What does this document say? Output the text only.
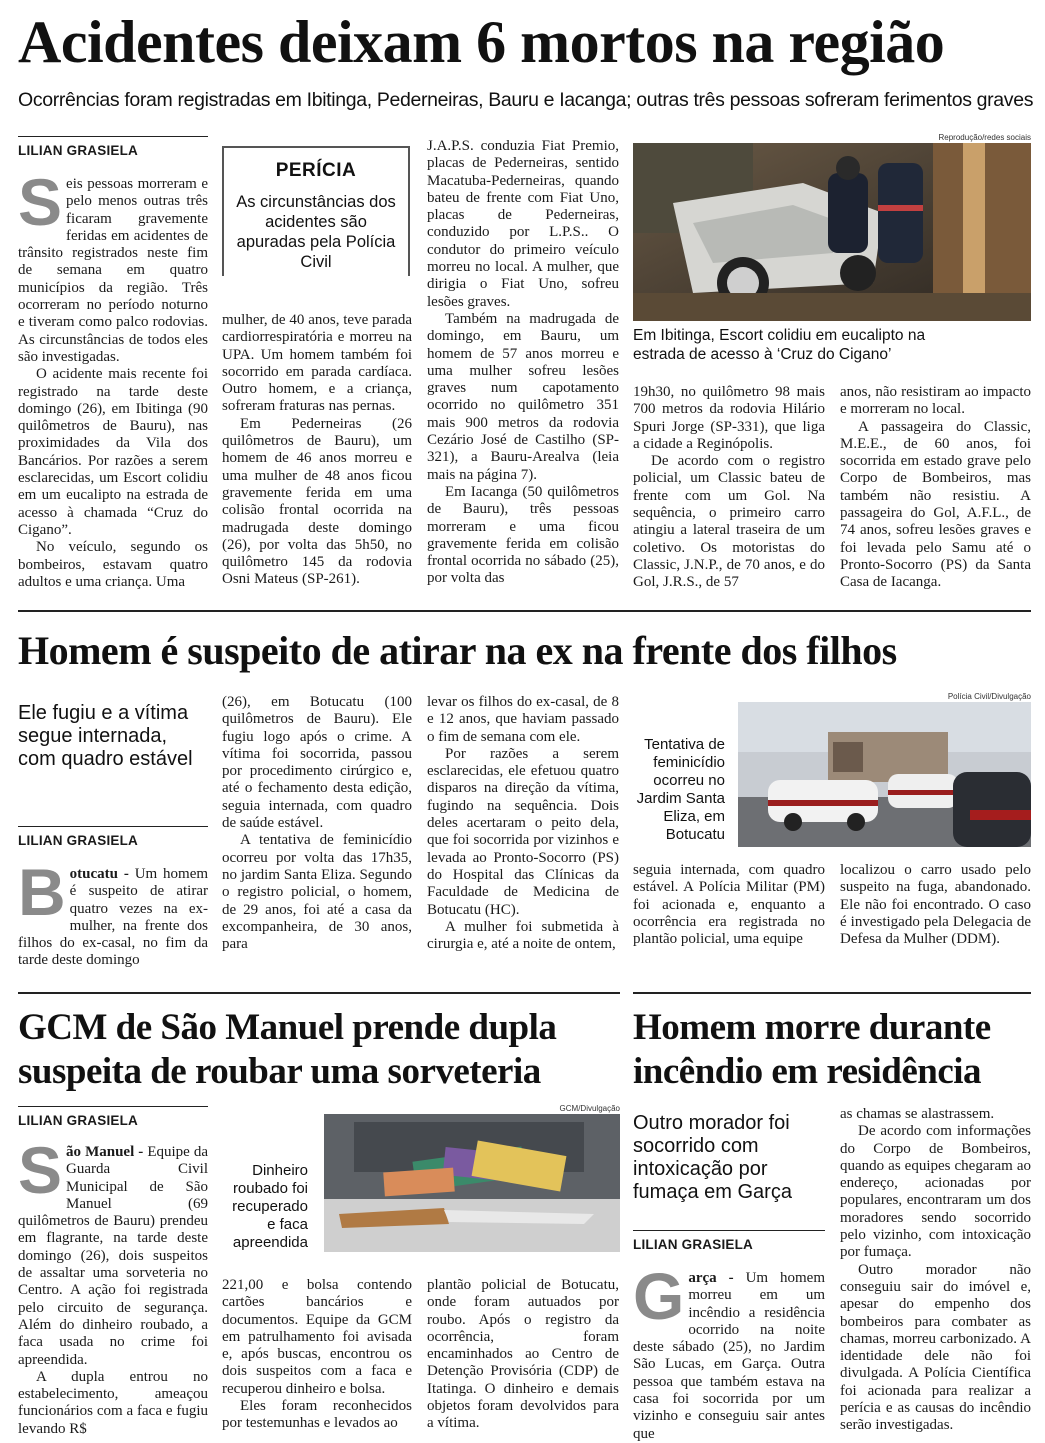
Acidentes deixam 6 mortos na região
Ocorrências foram registradas em Ibitinga, Pederneiras, Bauru e Iacanga; outras três pessoas sofreram ferimentos graves
LILIAN GRASIELA

Seis pessoas morreram e pelo menos outras três ficaram gravemente feridas em acidentes de trânsito registrados neste fim de semana em quatro municípios da região. Três ocorreram no período noturno e tiveram como palco rodovias. As circunstâncias de todos eles são investigadas.

O acidente mais recente foi registrado na tarde deste domingo (26), em Ibitinga (90 quilômetros de Bauru), nas proximidades da Vila dos Bancários. Por razões a serem esclarecidas, um Escort colidiu em um eucalipto na estrada de acesso à chamada “Cruz do Cigano”.

No veículo, segundo os bombeiros, estavam quatro adultos e uma criança. Uma

PERÍCIA
As circunstâncias dos acidentes são apuradas pela Polícia Civil

mulher, de 40 anos, teve parada cardiorrespiratória e morreu na UPA. Um homem também foi socorrido em parada cardíaca. Outro homem, e a criança, sofreram fraturas nas pernas.

Em Pederneiras (26 quilômetros de Bauru), um homem de 46 anos morreu e uma mulher de 48 anos ficou gravemente ferida em uma colisão frontal ocorrida na madrugada deste domingo (26), por volta das 5h50, no quilômetro 145 da rodovia Osni Mateus (SP-261).

J.A.P.S. conduzia Fiat Premio, placas de Pederneiras, sentido Macatuba-Pederneiras, quando bateu de frente com Fiat Uno, placas de Pederneiras, conduzido por L.P.S.. O condutor do primeiro veículo morreu no local. A mulher, que dirigia o Fiat Uno, sofreu lesões graves.

Também na madrugada de domingo, em Bauru, um homem de 57 anos morreu e uma mulher sofreu lesões graves num capotamento ocorrido no quilômetro 351 mais 900 metros da rodovia Cezário José de Castilho (SP-321), a Bauru-Arealva (leia mais na página 7).

Em Iacanga (50 quilômetros de Bauru), três pessoas morreram e uma ficou gravemente ferida em colisão frontal ocorrida no sábado (25), por volta das

Reprodução/redes sociais
Em Ibitinga, Escort colidiu em eucalipto na estrada de acesso à ‘Cruz do Cigano’

19h30, no quilômetro 98 mais 700 metros da rodovia Hilário Spuri Jorge (SP-331), que liga a cidade a Reginópolis.

De acordo com o registro policial, um Classic bateu de frente com um Gol. Na sequência, o primeiro carro atingiu a lateral traseira de um coletivo. Os motoristas do Classic, J.N.P., de 70 anos, e do Gol, J.R.S., de 57

anos, não resistiram ao impacto e morreram no local.

A passageira do Classic, M.E.E., de 60 anos, foi socorrida em estado grave pelo Corpo de Bombeiros, mas também não resistiu. A passageira do Gol, A.F.L., de 74 anos, sofreu lesões graves e foi levada pelo Samu até o Pronto-Socorro (PS) da Santa Casa de Iacanga.

Homem é suspeito de atirar na ex na frente dos filhos
Ele fugiu e a vítima segue internada, com quadro estável
LILIAN GRASIELA

Botucatu - Um homem é suspeito de atirar quatro vezes na ex-mulher, na frente dos filhos do ex-casal, no fim da tarde deste domingo

(26), em Botucatu (100 quilômetros de Bauru). Ele fugiu logo após o crime. A vítima foi socorrida, passou por procedimento cirúrgico e, até o fechamento desta edição, seguia internada, com quadro de saúde estável.

A tentativa de feminicídio ocorreu por volta das 17h35, no jardim Santa Eliza. Segundo o registro policial, o homem, de 29 anos, foi até a casa da excompanheira, de 30 anos, para

levar os filhos do ex-casal, de 8 e 12 anos, que haviam passado o fim de semana com ele.

Por razões a serem esclarecidas, ele efetuou quatro disparos na direção da vítima, fugindo na sequência. Dois deles acertaram o peito dela, que foi socorrida por vizinhos e levada ao Pronto-Socorro (PS) do Hospital das Clínicas da Faculdade de Medicina de Botucatu (HC).

A mulher foi submetida à cirurgia e, até a noite de ontem,

Tentativa de feminicídio ocorreu no Jardim Santa Eliza, em Botucatu
Polícia Civil/Divulgação

seguia internada, com quadro estável. A Polícia Militar (PM) foi acionada e, enquanto a ocorrência era registrada no plantão policial, uma equipe

localizou o carro usado pelo suspeito na fuga, abandonado. Ele não foi encontrado. O caso é investigado pela Delegacia de Defesa da Mulher (DDM).

GCM de São Manuel prende dupla suspeita de roubar uma sorveteria
LILIAN GRASIELA

São Manuel - Equipe da Guarda Civil Municipal de São Manuel (69 quilômetros de Bauru) prendeu em flagrante, na tarde deste domingo (26), dois suspeitos de assaltar uma sorveteria no Centro. A ação foi registrada pelo circuito de segurança. Além do dinheiro roubado, a faca usada no crime foi apreendida.

A dupla entrou no estabelecimento, ameaçou funcionários com a faca e fugiu levando R$

Dinheiro roubado foi recuperado e faca apreendida
GCM/Divulgação

221,00 e bolsa contendo cartões bancários e documentos. Equipe da GCM em patrulhamento foi avisada e, após buscas, encontrou os dois suspeitos com a faca e recuperou dinheiro e bolsa.

Eles foram reconhecidos por testemunhas e levados ao

plantão policial de Botucatu, onde foram autuados por roubo. Após o registro da ocorrência, foram encaminhados ao Centro de Detenção Provisória (CDP) de Itatinga. O dinheiro e demais objetos foram devolvidos para a vítima.

Homem morre durante incêndio em residência
Outro morador foi socorrido com intoxicação por fumaça em Garça
LILIAN GRASIELA

Garça - Um homem morreu em um incêndio a residência ocorrido na noite deste sábado (25), no Jardim São Lucas, em Garça. Outra pessoa que também estava na casa foi socorrida por um vizinho e conseguiu sair antes que

as chamas se alastrassem.

De acordo com informações do Corpo de Bombeiros, quando as equipes chegaram ao endereço, acionadas por populares, encontraram um dos moradores sendo socorrido pelo vizinho, com intoxicação por fumaça.

Outro morador não conseguiu sair do imóvel e, apesar do empenho dos bombeiros para combater as chamas, morreu carbonizado. A identidade dele não foi divulgada. A Polícia Científica foi acionada para realizar a perícia e as causas do incêndio serão investigadas.
